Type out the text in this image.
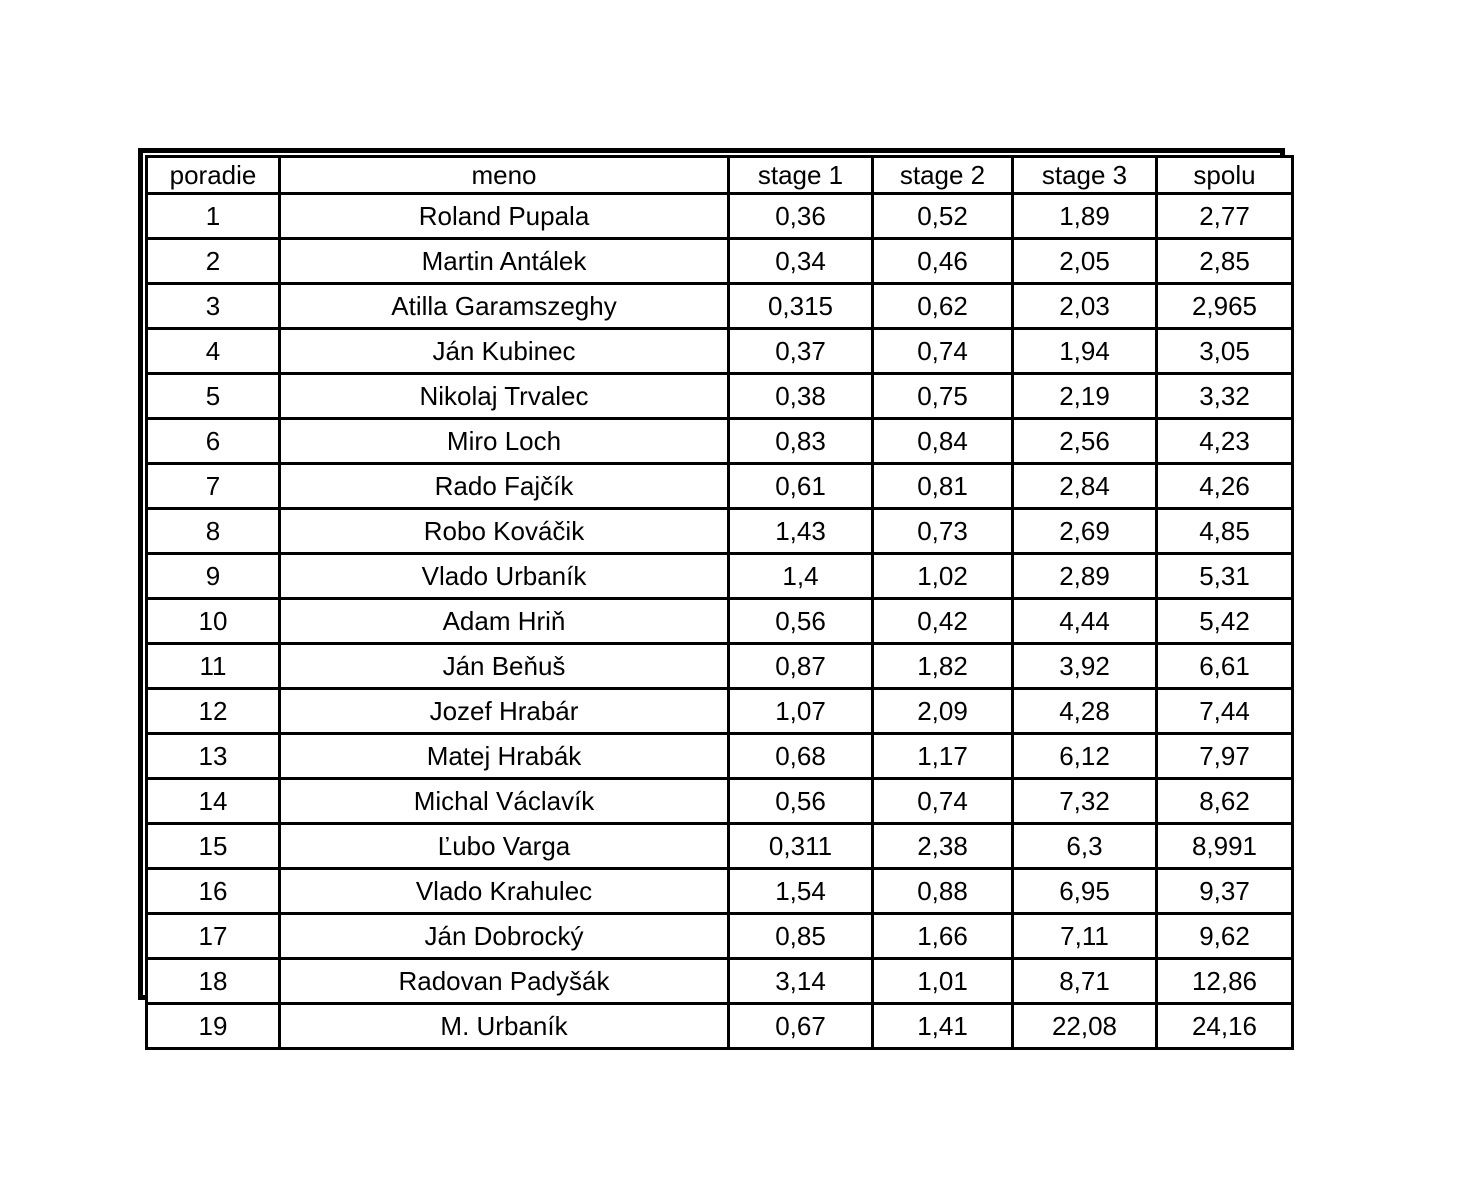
poradie	meno	stage 1	stage 2	stage 3	spolu
1	Roland Pupala	0,36	0,52	1,89	2,77
2	Martin Antálek	0,34	0,46	2,05	2,85
3	Atilla Garamszeghy	0,315	0,62	2,03	2,965
4	Ján Kubinec	0,37	0,74	1,94	3,05
5	Nikolaj Trvalec	0,38	0,75	2,19	3,32
6	Miro Loch	0,83	0,84	2,56	4,23
7	Rado Fajčík	0,61	0,81	2,84	4,26
8	Robo Kováčik	1,43	0,73	2,69	4,85
9	Vlado Urbaník	1,4	1,02	2,89	5,31
10	Adam Hriň	0,56	0,42	4,44	5,42
11	Ján Beňuš	0,87	1,82	3,92	6,61
12	Jozef Hrabár	1,07	2,09	4,28	7,44
13	Matej Hrabák	0,68	1,17	6,12	7,97
14	Michal Václavík	0,56	0,74	7,32	8,62
15	Ľubo Varga	0,311	2,38	6,3	8,991
16	Vlado Krahulec	1,54	0,88	6,95	9,37
17	Ján Dobrocký	0,85	1,66	7,11	9,62
18	Radovan Padyšák	3,14	1,01	8,71	12,86
19	M. Urbaník	0,67	1,41	22,08	24,16
